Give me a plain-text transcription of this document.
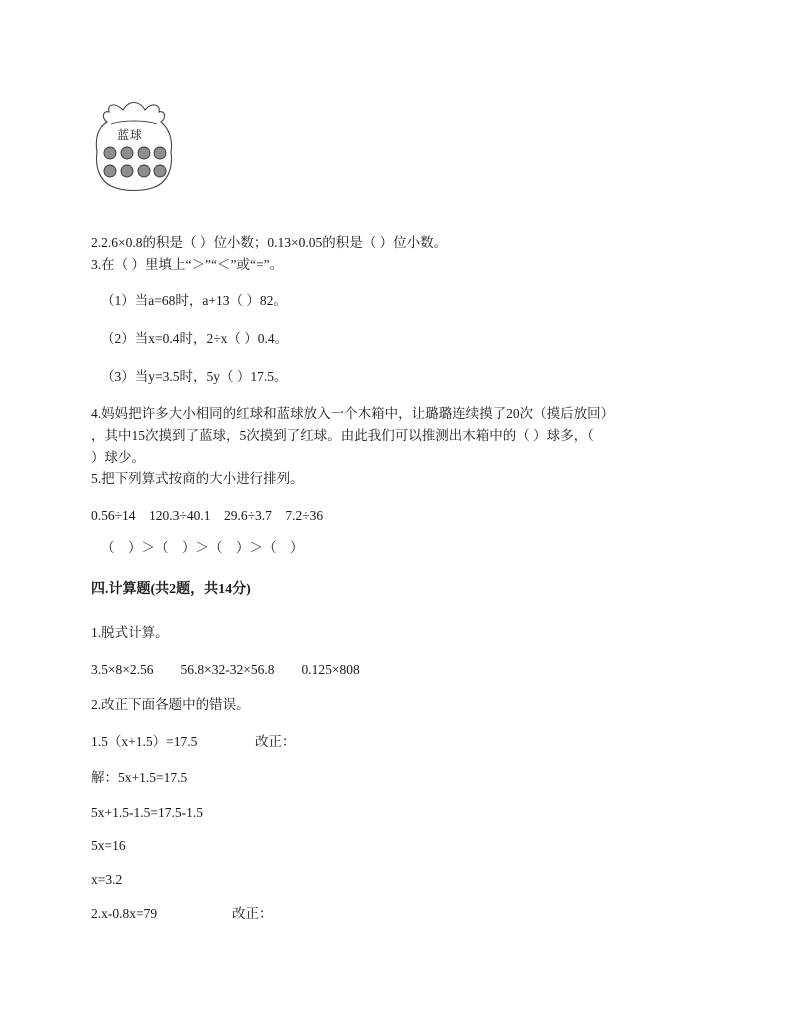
蓝球
2.2.6×0.8的积是（ ）位小数；0.13×0.05的积是（ ）位小数。
3.在（ ）里填上“＞”“＜”或“=”。
（1）当a=68时，a+13（ ）82。
（2）当x=0.4时，2÷x（ ）0.4。
（3）当y=3.5时，5y（ ）17.5。
4.妈妈把许多大小相同的红球和蓝球放入一个木箱中，让璐璐连续摸了20次（摸后放回）
，其中15次摸到了蓝球，5次摸到了红球。由此我们可以推测出木箱中的（ ）球多，（
）球少。
5.把下列算式按商的大小进行排列。
0.56÷14    120.3÷40.1    29.6÷3.7    7.2÷36
（    ）＞（    ）＞（    ）＞（    ）
四.计算题(共2题，共14分)
1.脱式计算。
3.5×8×2.56        56.8×32-32×56.8        0.125×808
2.改正下面各题中的错误。
1.5（x+1.5）=17.5	改正：
解：5x+1.5=17.5
5x+1.5-1.5=17.5-1.5
5x=16
x=3.2
2.x-0.8x=79	改正：
